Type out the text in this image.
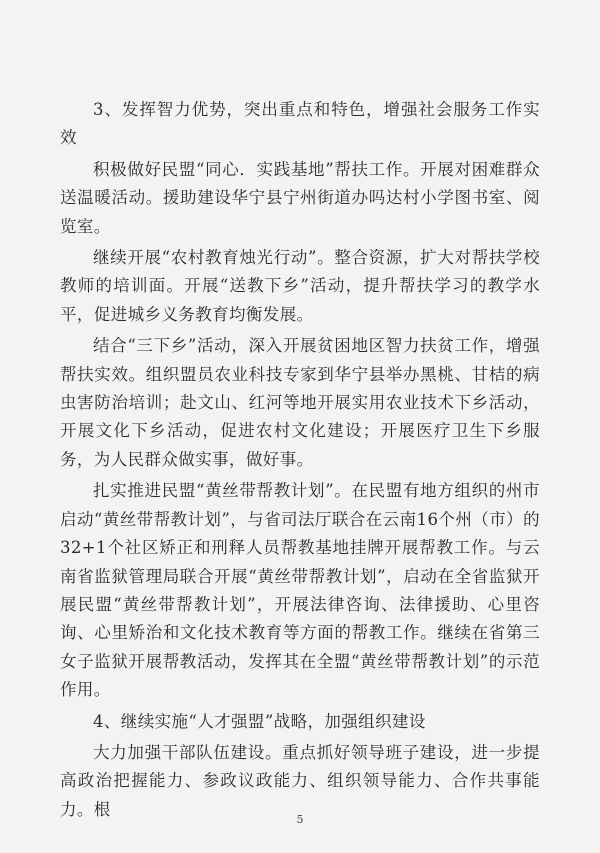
3、发挥智力优势，突出重点和特色，增强社会服务工作实效

积极做好民盟“同心．实践基地”帮扶工作。开展对困难群众送温暖活动。援助建设华宁县宁州街道办吗达村小学图书室、阅览室。

继续开展“农村教育烛光行动”。整合资源，扩大对帮扶学校教师的培训面。开展“送教下乡”活动，提升帮扶学习的教学水平，促进城乡义务教育均衡发展。

结合“三下乡”活动，深入开展贫困地区智力扶贫工作，增强帮扶实效。组织盟员农业科技专家到华宁县举办黑桃、甘桔的病虫害防治培训；赴文山、红河等地开展实用农业技术下乡活动，开展文化下乡活动，促进农村文化建设；开展医疗卫生下乡服务，为人民群众做实事，做好事。

扎实推进民盟“黄丝带帮教计划”。在民盟有地方组织的州市启动“黄丝带帮教计划”，与省司法厅联合在云南16个州（市）的32+1个社区矫正和刑释人员帮教基地挂牌开展帮教工作。与云南省监狱管理局联合开展“黄丝带帮教计划”，启动在全省监狱开展民盟“黄丝带帮教计划”，开展法律咨询、法律援助、心里咨询、心里矫治和文化技术教育等方面的帮教工作。继续在省第三女子监狱开展帮教活动，发挥其在全盟“黄丝带帮教计划”的示范作用。

4、继续实施“人才强盟”战略，加强组织建设

大力加强干部队伍建设。重点抓好领导班子建设，进一步提高政治把握能力、参政议政能力、组织领导能力、合作共事能力。根

5
